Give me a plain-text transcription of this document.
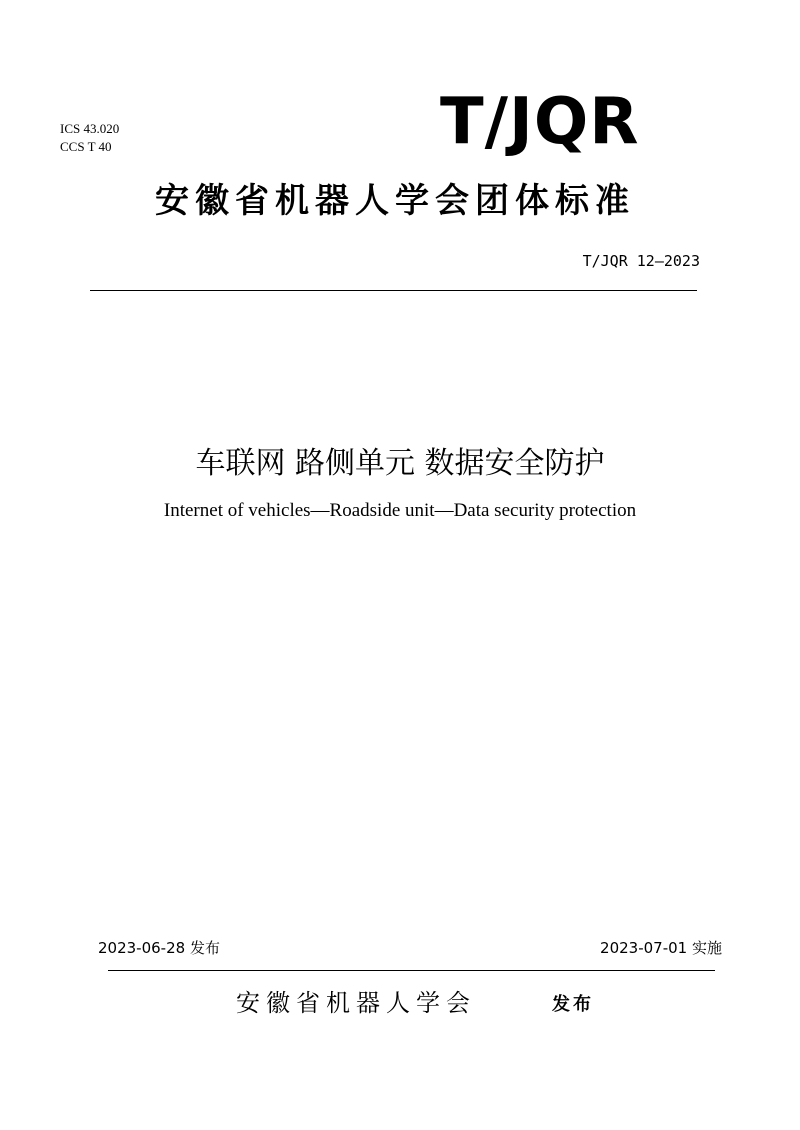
ICS 43.020
CCS T 40	T/JQR
安徽省机器人学会团体标准
T/JQR 12—2023
车联网 路侧单元 数据安全防护
Internet of vehicles—Roadside unit—Data security protection
2023-06-28 发布	2023-07-01 实施
安徽省机器人学会	发布
